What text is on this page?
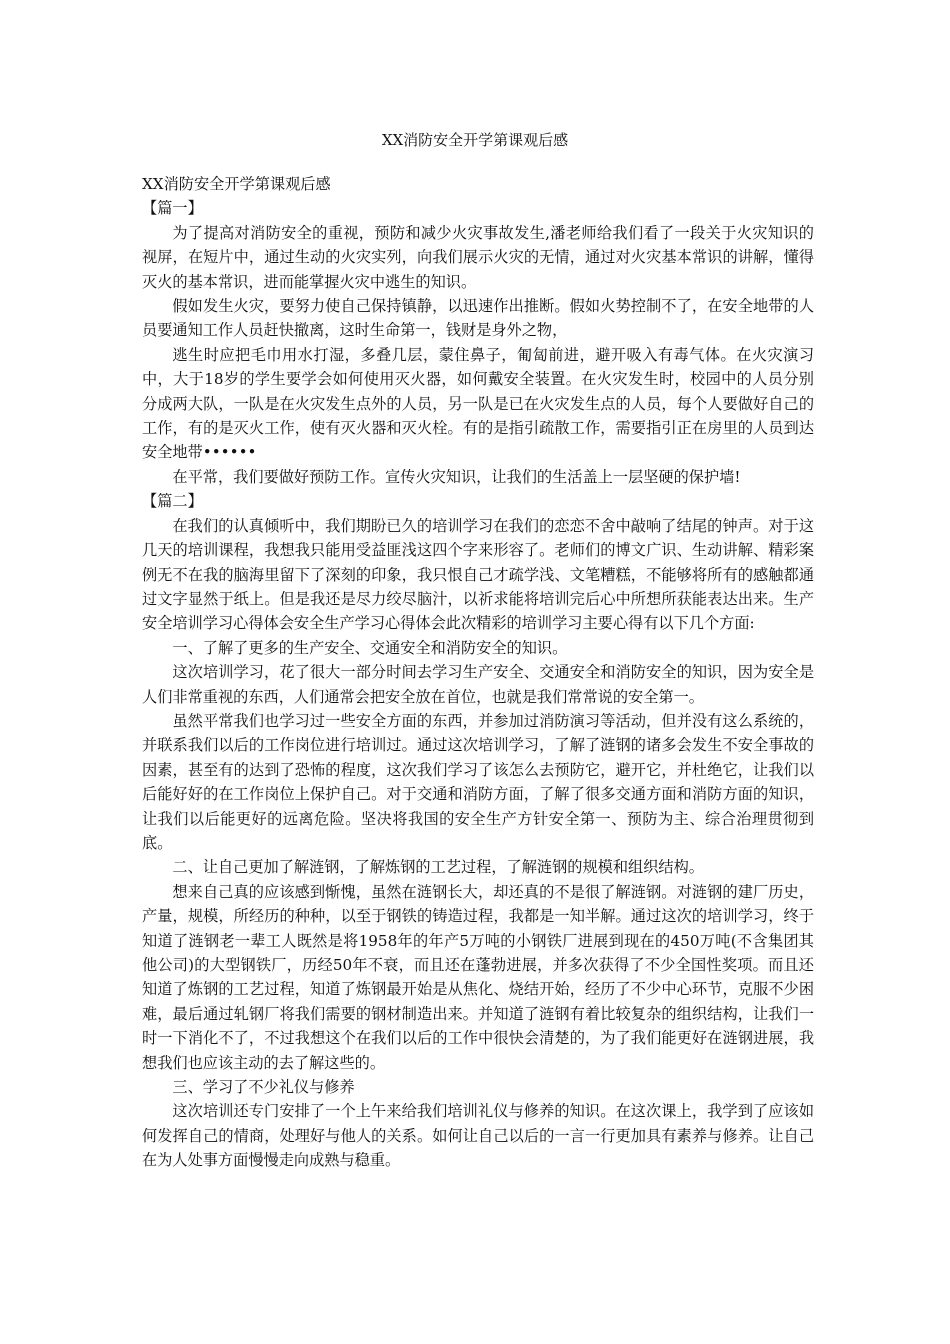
XX消防安全开学第课观后感

XX消防安全开学第课观后感

【篇一】

为了提高对消防安全的重视，预防和减少火灾事故发生,潘老师给我们看了一段关于火灾知识的视屏，在短片中，通过生动的火灾实列，向我们展示火灾的无情，通过对火灾基本常识的讲解，懂得灭火的基本常识，进而能掌握火灾中逃生的知识。

假如发生火灾，要努力使自己保持镇静，以迅速作出推断。假如火势控制不了，在安全地带的人员要通知工作人员赶快撤离，这时生命第一，钱财是身外之物，

逃生时应把毛巾用水打湿，多叠几层，蒙住鼻子，匍匐前进，避开吸入有毒气体。在火灾演习中，大于18岁的学生要学会如何使用灭火器，如何戴安全装置。在火灾发生时，校园中的人员分别分成两大队，一队是在火灾发生点外的人员，另一队是已在火灾发生点的人员，每个人要做好自己的工作，有的是灭火工作，使有灭火器和灭火栓。有的是指引疏散工作，需要指引正在房里的人员到达安全地带••••••

在平常，我们要做好预防工作。宣传火灾知识，让我们的生活盖上一层坚硬的保护墙!

【篇二】

在我们的认真倾听中，我们期盼已久的培训学习在我们的恋恋不舍中敲响了结尾的钟声。对于这几天的培训课程，我想我只能用受益匪浅这四个字来形容了。老师们的博文广识、生动讲解、精彩案例无不在我的脑海里留下了深刻的印象，我只恨自己才疏学浅、文笔糟糕，不能够将所有的感触都通过文字显然于纸上。但是我还是尽力绞尽脑汁，以祈求能将培训完后心中所想所获能表达出来。生产安全培训学习心得体会安全生产学习心得体会此次精彩的培训学习主要心得有以下几个方面:

一、了解了更多的生产安全、交通安全和消防安全的知识。

这次培训学习，花了很大一部分时间去学习生产安全、交通安全和消防安全的知识，因为安全是人们非常重视的东西，人们通常会把安全放在首位，也就是我们常常说的安全第一。

虽然平常我们也学习过一些安全方面的东西，并参加过消防演习等活动，但并没有这么系统的，并联系我们以后的工作岗位进行培训过。通过这次培训学习，了解了涟钢的诸多会发生不安全事故的因素，甚至有的达到了恐怖的程度，这次我们学习了该怎么去预防它，避开它，并杜绝它，让我们以后能好好的在工作岗位上保护自己。对于交通和消防方面，了解了很多交通方面和消防方面的知识，让我们以后能更好的远离危险。坚决将我国的安全生产方针安全第一、预防为主、综合治理贯彻到底。

二、让自己更加了解涟钢，了解炼钢的工艺过程，了解涟钢的规模和组织结构。

想来自己真的应该感到惭愧，虽然在涟钢长大，却还真的不是很了解涟钢。对涟钢的建厂历史，产量，规模，所经历的种种，以至于钢铁的铸造过程，我都是一知半解。通过这次的培训学习，终于知道了涟钢老一辈工人既然是将1958年的年产5万吨的小钢铁厂进展到现在的450万吨(不含集团其他公司)的大型钢铁厂，历经50年不衰，而且还在蓬勃进展，并多次获得了不少全国性奖项。而且还知道了炼钢的工艺过程，知道了炼钢最开始是从焦化、烧结开始，经历了不少中心环节，克服不少困难，最后通过轧钢厂将我们需要的钢材制造出来。并知道了涟钢有着比较复杂的组织结构，让我们一时一下消化不了，不过我想这个在我们以后的工作中很快会清楚的，为了我们能更好在涟钢进展，我想我们也应该主动的去了解这些的。

三、学习了不少礼仪与修养

这次培训还专门安排了一个上午来给我们培训礼仪与修养的知识。在这次课上，我学到了应该如何发挥自己的情商，处理好与他人的关系。如何让自己以后的一言一行更加具有素养与修养。让自己在为人处事方面慢慢走向成熟与稳重。
